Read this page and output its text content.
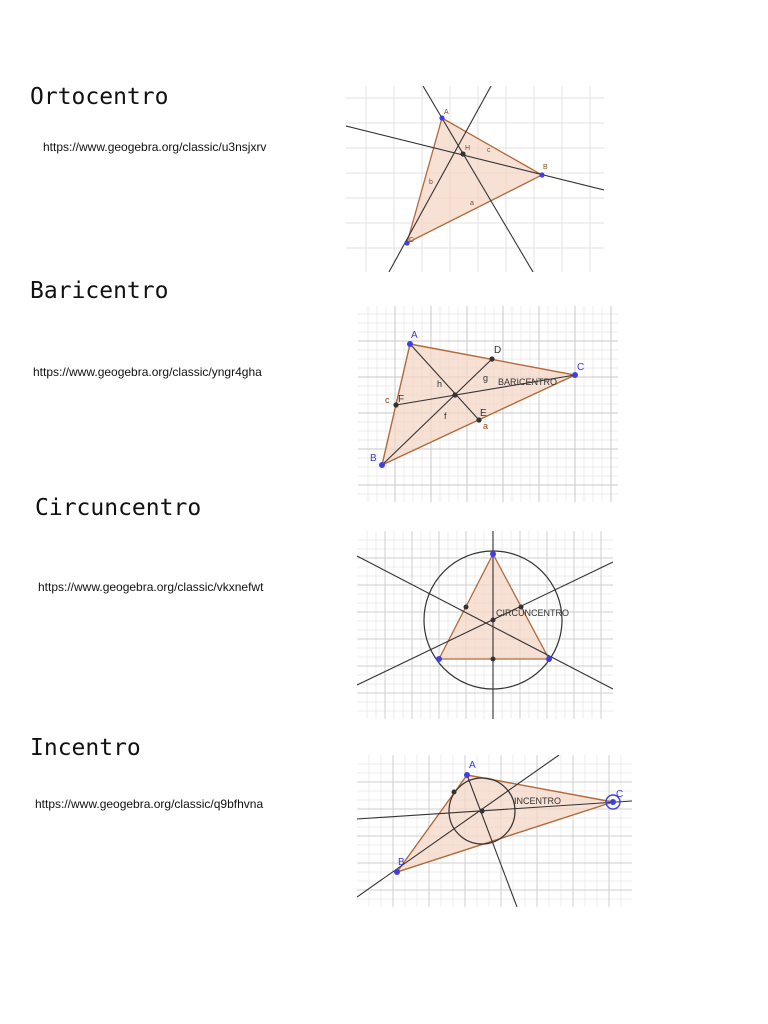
Ortocentro
https://www.geogebra.org/classic/u3nsjxrv
A
B
C
H
a
b
c
Baricentro
https://www.geogebra.org/classic/yngr4gha
A
B
C
D
E
F
a
c
f
g
h	BARICENTRO
Circuncentro
https://www.geogebra.org/classic/vkxnefwt
CIRCUNCENTRO
Incentro
https://www.geogebra.org/classic/q9bfhvna
A
B
C
INCENTRO
